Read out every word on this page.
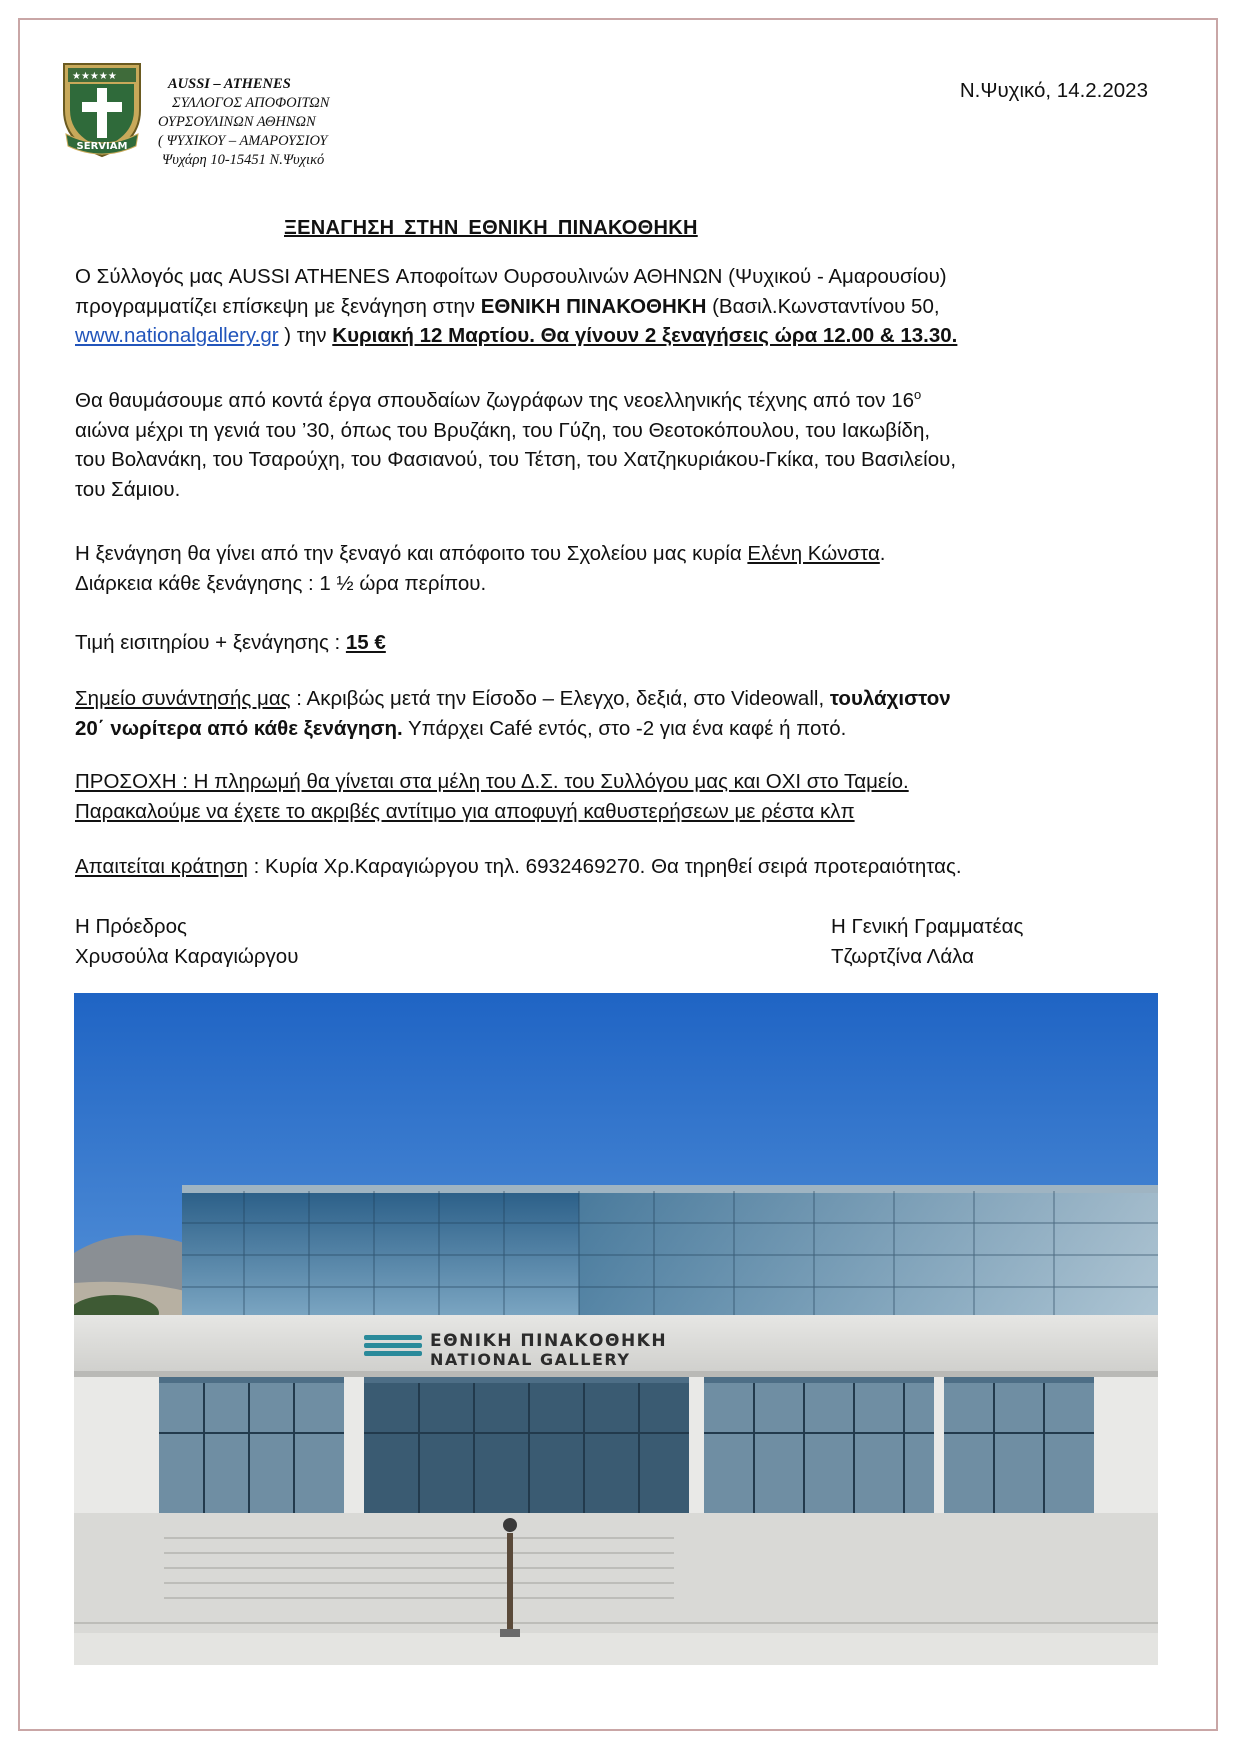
★★★★★
SERVIAM
AUSSI – ATHENES
ΣΥΛΛΟΓΟΣ ΑΠΟΦΟΙΤΩΝ
ΟΥΡΣΟΥΛΙΝΩΝ ΑΘΗΝΩΝ
( ΨΥΧΙΚΟΥ – ΑΜΑΡΟΥΣΙΟΥ
Ψυχάρη 10-15451 Ν.Ψυχικό
Ν.Ψυχικό, 14.2.2023
ΞΕΝΑΓΗΣΗ ΣΤΗΝ ΕΘΝΙΚΗ ΠΙΝΑΚΟΘΗΚΗ

Ο Σύλλογός μας AUSSI ATHENES Αποφοίτων Ουρσουλινών ΑΘΗΝΩΝ (Ψυχικού - Αμαρουσίου)

προγραμματίζει επίσκεψη με ξενάγηση στην ΕΘΝΙΚΗ ΠΙΝΑΚΟΘΗΚΗ (Βασιλ.Κωνσταντίνου 50,

www.nationalgallery.gr ) την Κυριακή 12 Μαρτίου. Θα γίνουν 2 ξεναγήσεις ώρα 12.00 & 13.30.

Θα θαυμάσουμε από κοντά έργα σπουδαίων ζωγράφων της νεοελληνικής τέχνης από τον $16^o$

αιώνα μέχρι τη γενιά του ’30, όπως του Βρυζάκη, του Γύζη, του Θεοτοκόπουλου, του Ιακωβίδη,

του Βολανάκη, του Τσαρούχη, του Φασιανού, του Τέτση, του Χατζηκυριάκου-Γκίκα, του Βασιλείου,

του Σάμιου.

Η ξενάγηση θα γίνει από την ξεναγό και απόφοιτο του Σχολείου μας κυρία Ελένη Κώνστα.

Διάρκεια κάθε ξενάγησης : 1 ½ ώρα περίπου.

Τιμή εισιτηρίου + ξενάγησης : 15 €

Σημείο συνάντησής μας : Ακριβώς μετά την Είσοδο – Ελεγχο, δεξιά, στο Videowall, τουλάχιστον

20΄ νωρίτερα από κάθε ξενάγηση. Υπάρχει Café εντός, στο -2 για ένα καφέ ή ποτό.

ΠΡΟΣΟΧΗ : Η πληρωμή θα γίνεται στα μέλη του Δ.Σ. του Συλλόγου μας και ΟΧΙ στο Ταμείο.

Παρακαλούμε να έχετε το ακριβές αντίτιμο για αποφυγή καθυστερήσεων με ρέστα κλπ

Απαιτείται κράτηση : Κυρία Χρ.Καραγιώργου τηλ. 6932469270. Θα τηρηθεί σειρά προτεραιότητας.

Η Πρόεδρος
Χρυσούλα Καραγιώργου
Η Γενική Γραμματέας
Τζωρτζίνα Λάλα
ΕΘΝΙΚΗ ΠΙΝΑΚΟΘΗΚΗ
NATIONAL GALLERY
